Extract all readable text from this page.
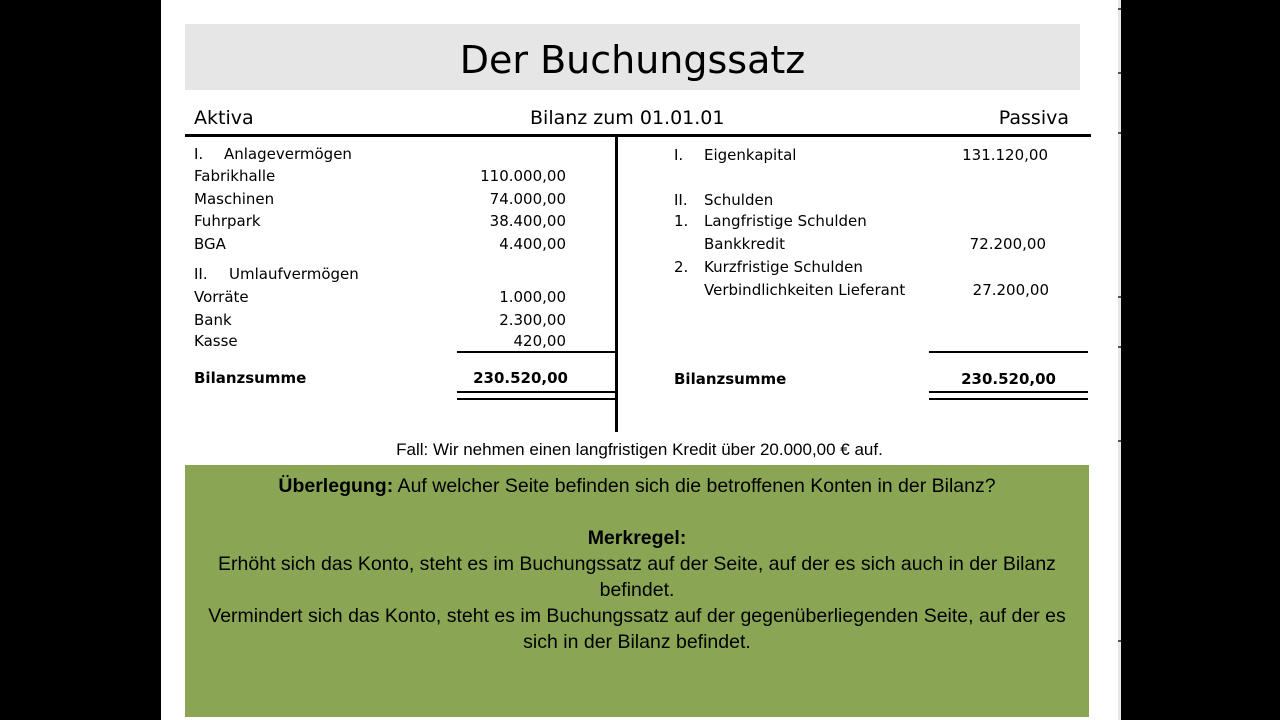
Der Buchungssatz
Aktiva	Bilanz zum 01.01.01	Passiva
I. Anlagevermögen
Fabrikhalle	110.000,00
Maschinen	74.000,00
Fuhrpark	38.400,00
BGA	4.400,00
II. Umlaufvermögen
Vorräte	1.000,00
Bank	2.300,00
Kasse	420,00
Bilanzsumme	230.520,00
I. Eigenkapital	131.120,00
II. Schulden
1. Langfristige Schulden
Bankkredit	72.200,00
2. Kurzfristige Schulden
Verbindlichkeiten Lieferant	27.200,00
Bilanzsumme	230.520,00
Fall: Wir nehmen einen langfristigen Kredit über 20.000,00 € auf.

Überlegung: Auf welcher Seite befinden sich die betroffenen Konten in der Bilanz?

Merkregel:

Erhöht sich das Konto, steht es im Buchungssatz auf der Seite, auf der es sich auch in der Bilanz befindet.

Vermindert sich das Konto, steht es im Buchungssatz auf der gegenüberliegenden Seite, auf der es sich in der Bilanz befindet.
